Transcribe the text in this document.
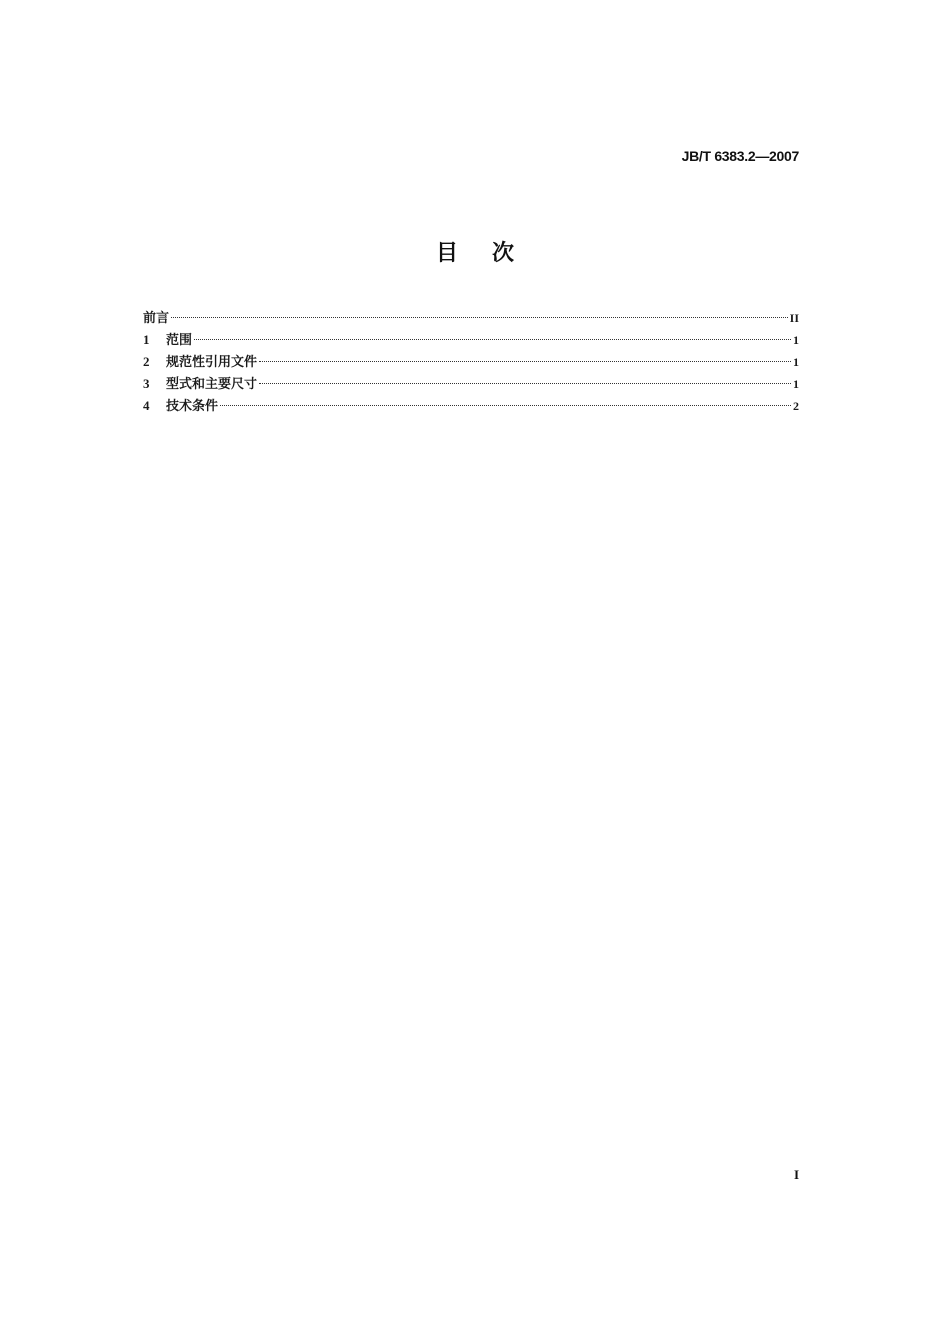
JB/T 6383.2—2007
目次
前言	II
1	范围	1
2	规范性引用文件	1
3	型式和主要尺寸	1
4	技术条件	2
I
